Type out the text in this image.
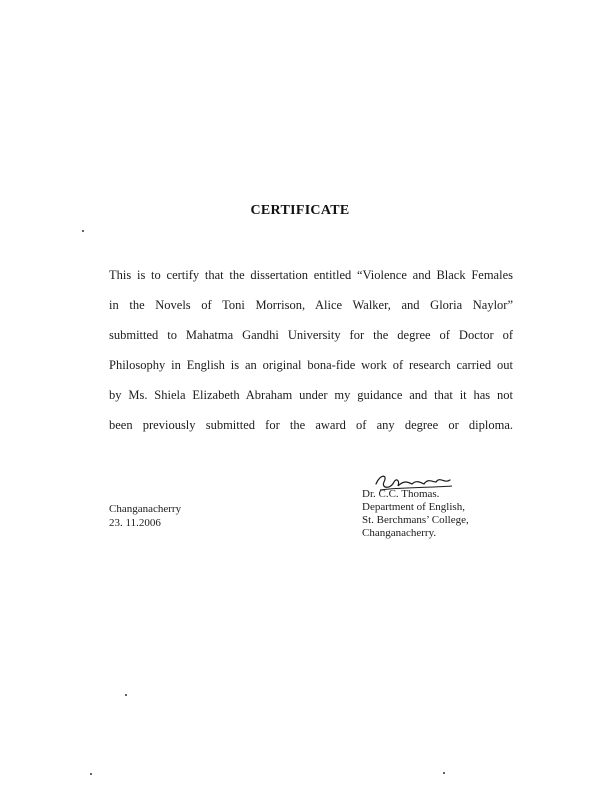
CERTIFICATE
This is to certify that the dissertation entitled “Violence and Black Females
in the Novels of Toni Morrison, Alice Walker, and Gloria Naylor”
submitted to Mahatma Gandhi University for the degree of Doctor of
Philosophy in English is an original bona-fide work of research carried out
by Ms. Shiela Elizabeth Abraham under my guidance and that it has not
been previously submitted for the award of any degree or diploma.
Changanacherry
23. 11.2006
Dr. C.C. Thomas.
Department of English,
St. Berchmans’ College,
Changanacherry.
